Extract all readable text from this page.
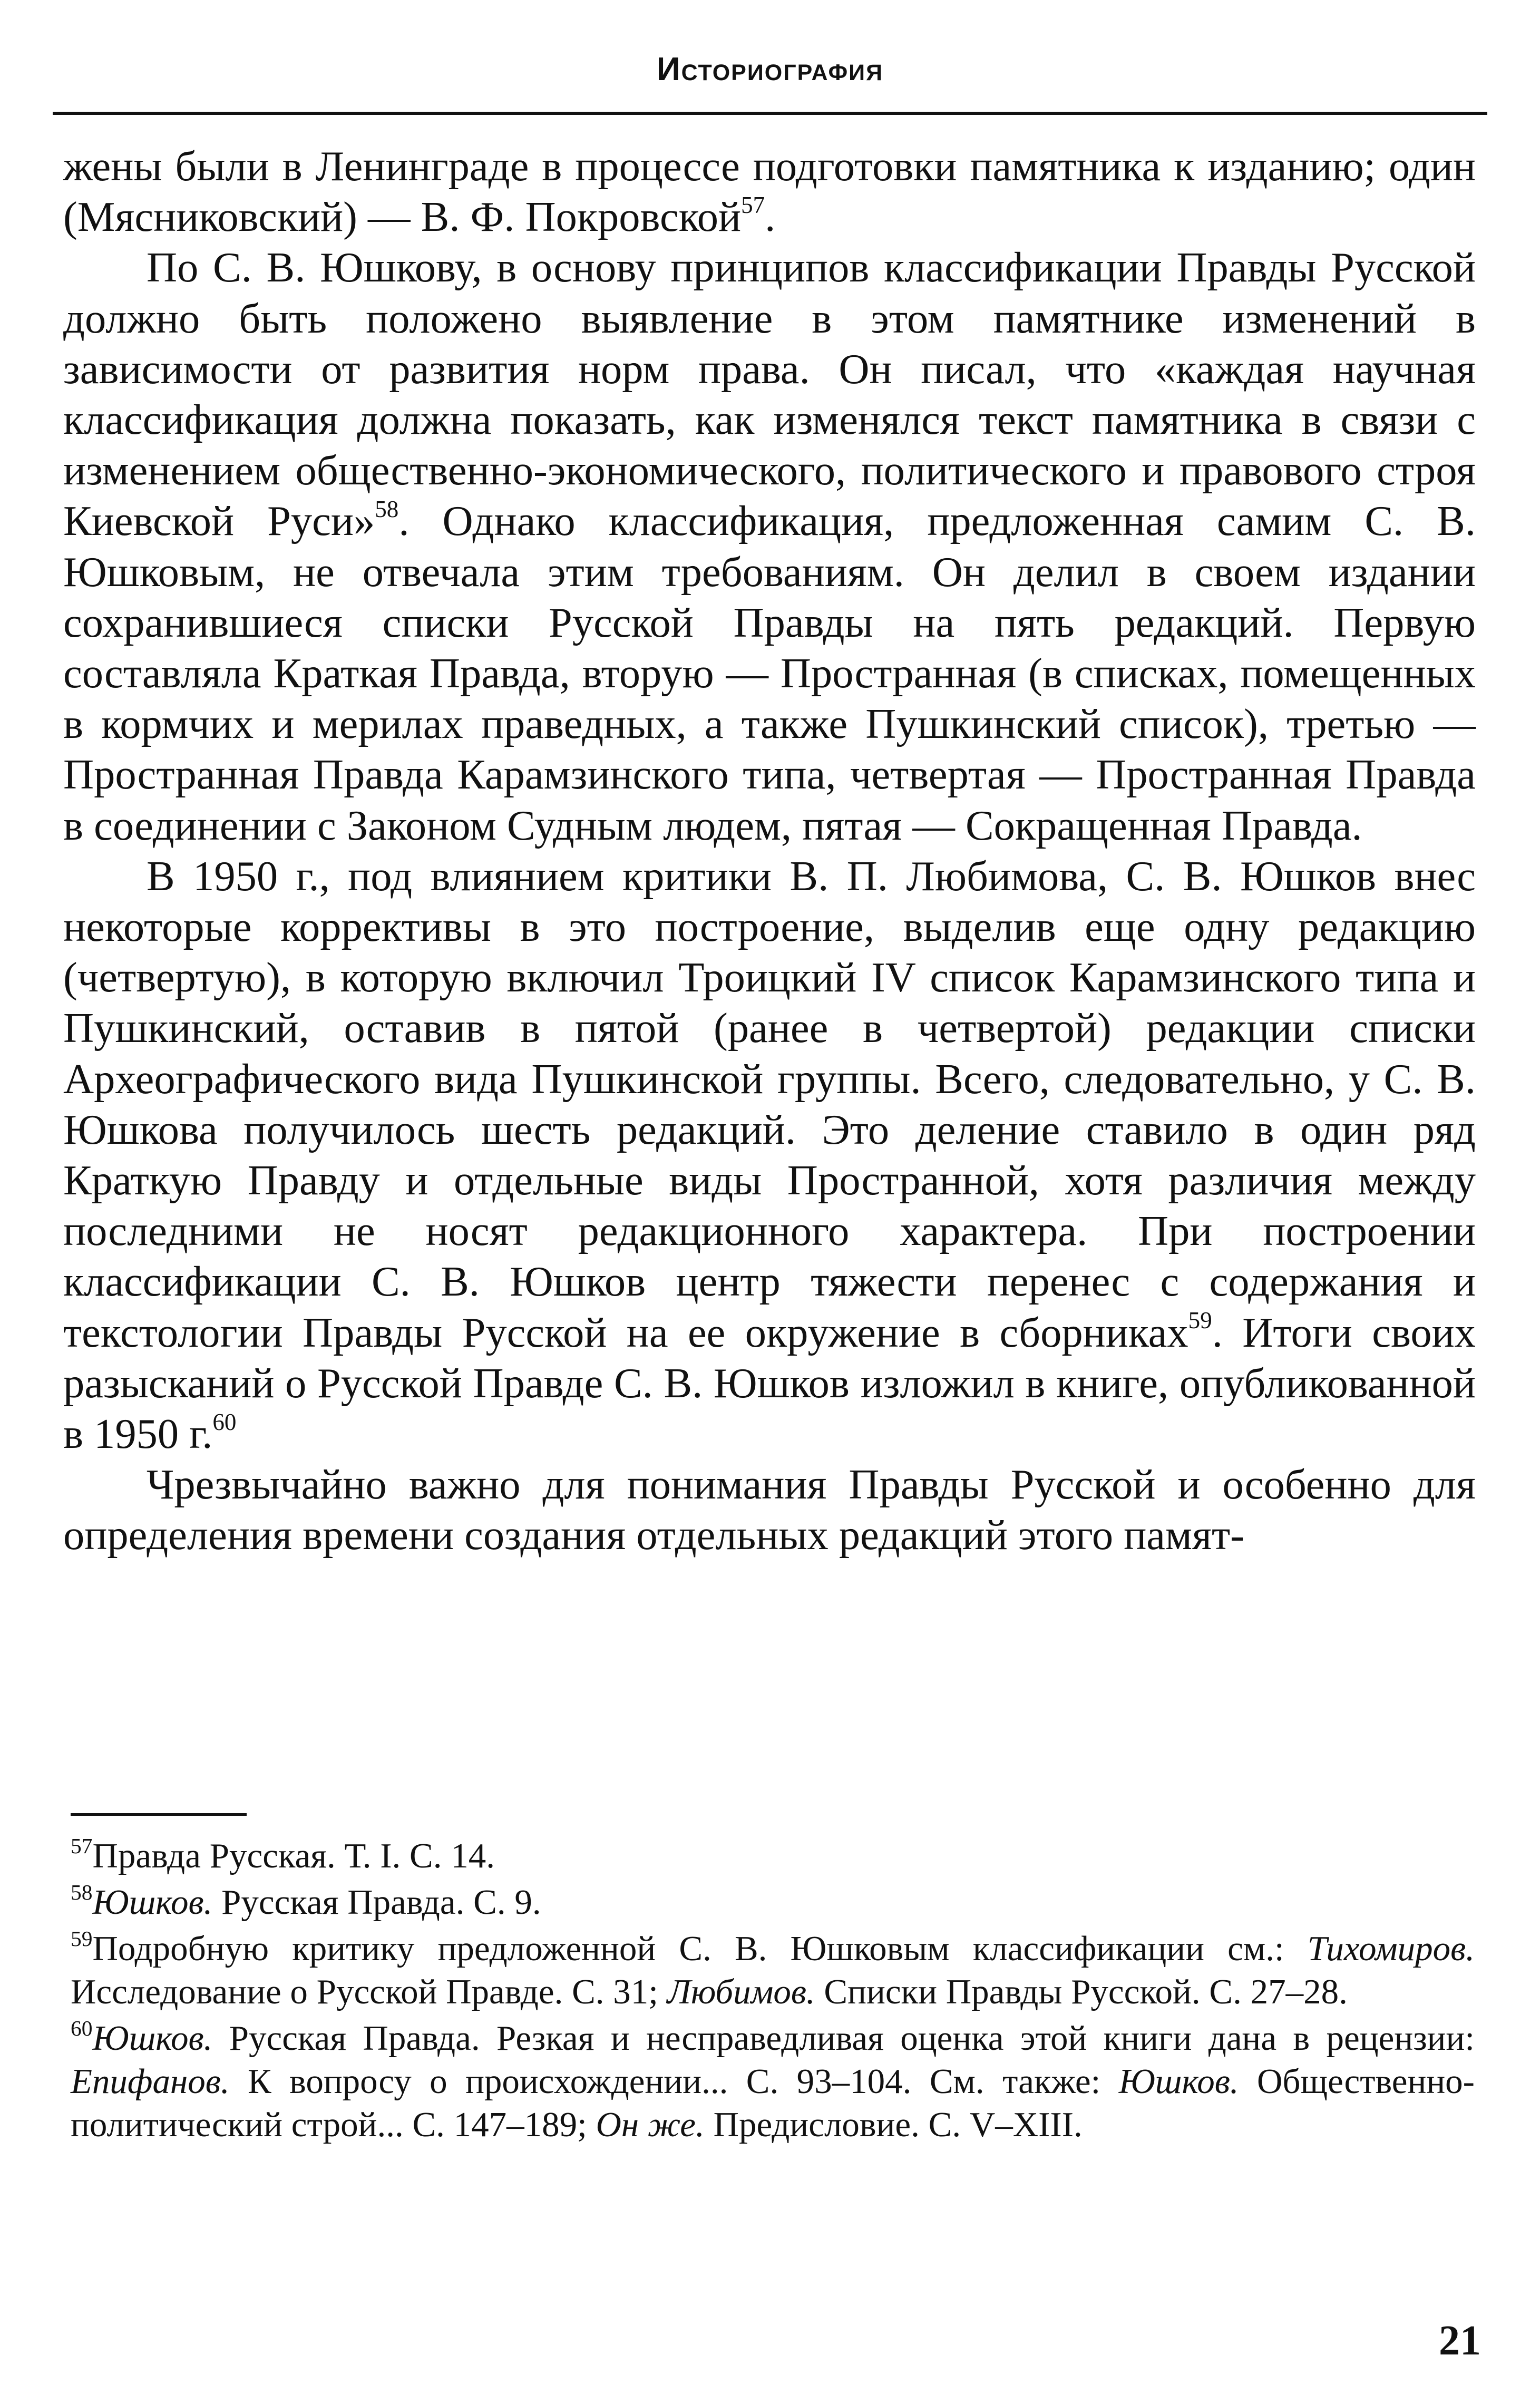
Историография

жены были в Ленинграде в процессе подготовки памятника к изданию; один (Мясниковский) — В. Ф. Покровской$^{57}$.

По С. В. Юшкову, в основу принципов классификации Правды Русской должно быть положено выявление в этом памятнике изменений в зависимости от развития норм права. Он писал, что «каждая научная классификация должна показать, как изменялся текст памятника в связи с изменением общественно-экономического, политического и правового строя Киевской Руси»$^{58}$. Однако классификация, предложенная самим С. В. Юшковым, не отвечала этим требованиям. Он делил в своем издании сохранившиеся списки Русской Правды на пять редакций. Первую составляла Краткая Правда, вторую — Пространная (в списках, помещенных в кормчих и мерилах праведных, а также Пушкинский список), третью — Пространная Правда Карамзинского типа, четвертая — Пространная Правда в соединении с Законом Судным людем, пятая — Сокращенная Правда.

В 1950 г., под влиянием критики В. П. Любимова, С. В. Юшков внес некоторые коррективы в это построение, выделив еще одну редакцию (четвертую), в которую включил Троицкий IV список Карамзинского типа и Пушкинский, оставив в пятой (ранее в четвертой) редакции списки Археографического вида Пушкинской группы. Всего, следовательно, у С. В. Юшкова получилось шесть редакций. Это деление ставило в один ряд Краткую Правду и отдельные виды Пространной, хотя различия между последними не носят редакционного характера. При построении классификации С. В. Юшков центр тяжести перенес с содержания и текстологии Правды Русской на ее окружение в сборниках$^{59}$. Итоги своих разысканий о Русской Правде С. В. Юшков изложил в книге, опубликованной в 1950 г.$^{60}$

Чрезвычайно важно для понимания Правды Русской и особенно для определения времени создания отдельных редакций этого памят-

$^{57}$Правда Русская. Т. I. С. 14.

$^{58}$Юшков. Русская Правда. С. 9.

$^{59}$Подробную критику предложенной С. В. Юшковым классификации см.: Тихомиров. Исследование о Русской Правде. С. 31; Любимов. Списки Правды Русской. С. 27–28.

$^{60}$Юшков. Русская Правда. Резкая и несправедливая оценка этой книги дана в рецензии: Епифанов. К вопросу о происхождении... С. 93–104. См. также: Юшков. Общественно-политический строй... С. 147–189; Он же. Предисловие. С. V–XIII.

21
